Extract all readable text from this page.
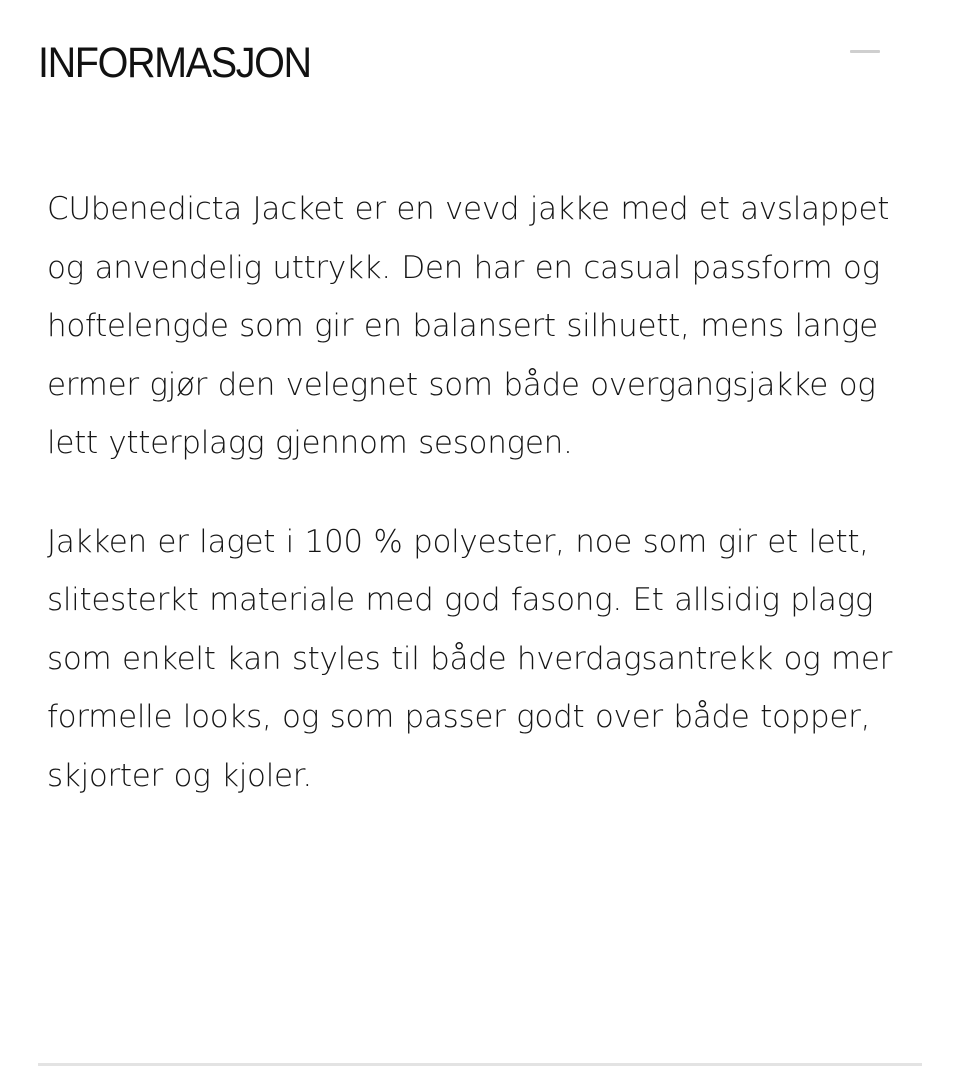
INFORMASJON

CUbenedicta Jacket er en vevd jakke med et avslappet og anvendelig uttrykk. Den har en casual passform og hoftelengde som gir en balansert silhuett, mens lange ermer gjør den velegnet som både overgangsjakke og lett ytterplagg gjennom sesongen.

Jakken er laget i 100 % polyester, noe som gir et lett, slitesterkt materiale med god fasong. Et allsidig plagg som enkelt kan styles til både hverdagsantrekk og mer formelle looks, og som passer godt over både topper, skjorter og kjoler.
